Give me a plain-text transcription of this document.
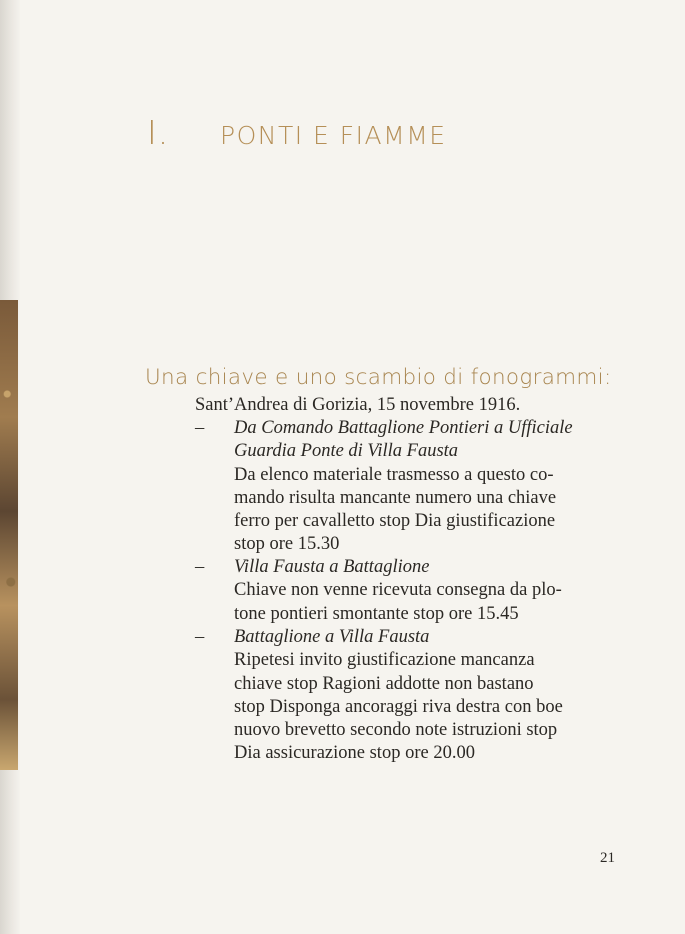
I. PONTI E FIAMME
Una chiave e uno scambio di fonogrammi:
Sant’Andrea di Gorizia, 15 novembre 1916.
– Da Comando Battaglione Pontieri a Ufficiale
Guardia Ponte di Villa Fausta
Da elenco materiale trasmesso a questo co-
mando risulta mancante numero una chiave
ferro per cavalletto stop Dia giustificazione
stop ore 15.30
– Villa Fausta a Battaglione
Chiave non venne ricevuta consegna da plo-
tone pontieri smontante stop ore 15.45
– Battaglione a Villa Fausta
Ripetesi invito giustificazione mancanza
chiave stop Ragioni addotte non bastano
stop Disponga ancoraggi riva destra con boe
nuovo brevetto secondo note istruzioni stop
Dia assicurazione stop ore 20.00
21
